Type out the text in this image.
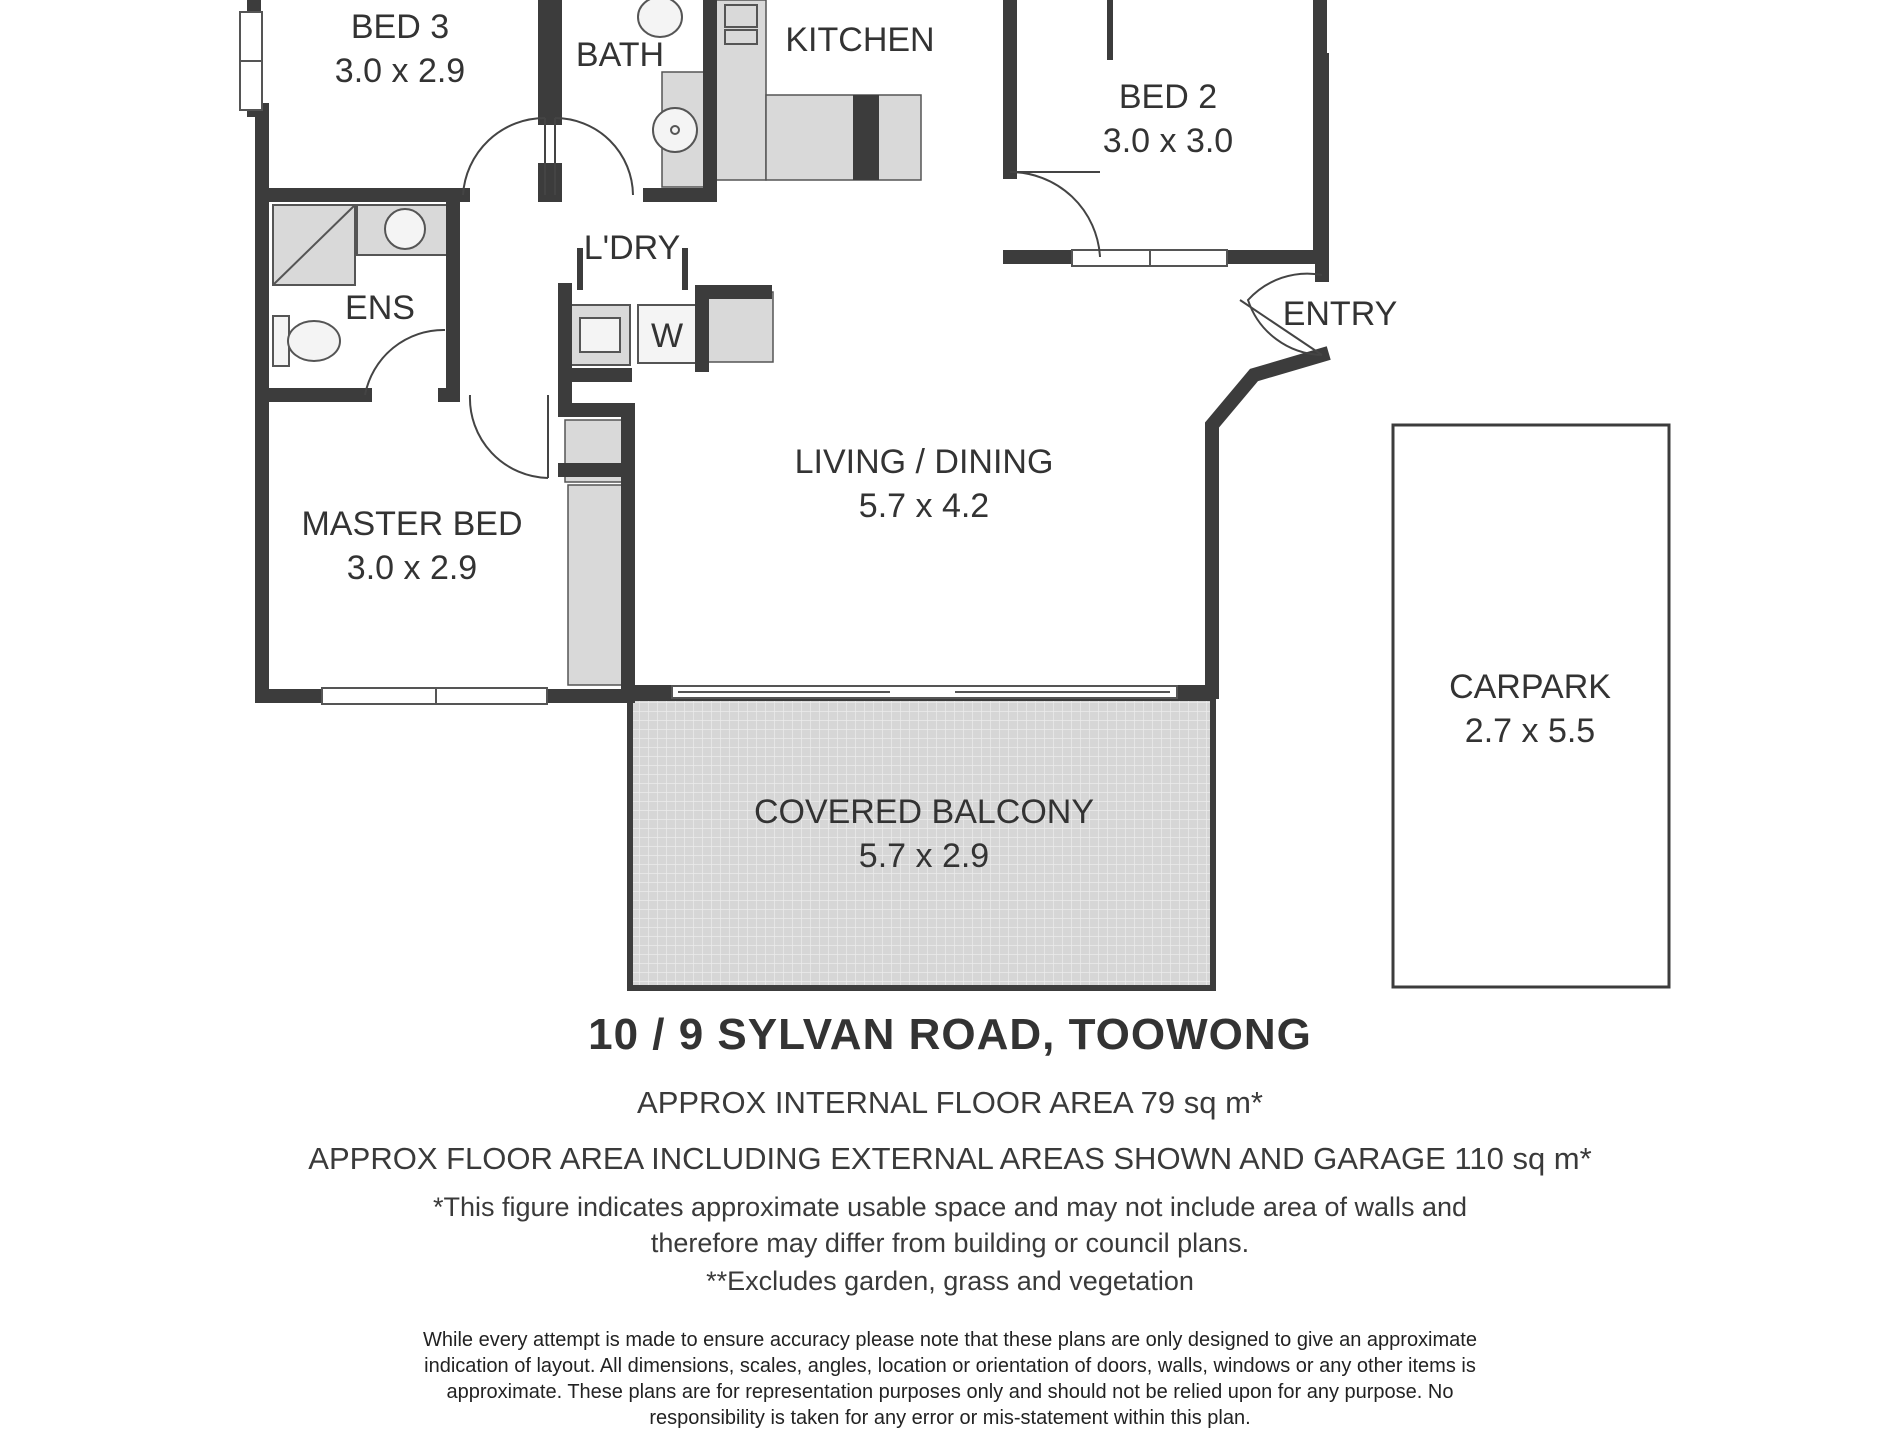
W
BED 3
3.0 x 2.9	BATH	KITCHEN
BED 2
3.0 x 3.0
L'DRY
ENS	ENTRY
LIVING / DINING
5.7 x 4.2
MASTER BED
3.0 x 2.9
CARPARK
2.7 x 5.5
COVERED BALCONY
5.7 x 2.9
10 / 9 SYLVAN ROAD, TOOWONG
APPROX INTERNAL FLOOR AREA 79 sq m*
APPROX FLOOR AREA INCLUDING EXTERNAL AREAS SHOWN AND GARAGE 110 sq m*
*This figure indicates approximate usable space and may not include area of walls and
therefore may differ from building or council plans.
**Excludes garden, grass and vegetation
While every attempt is made to ensure accuracy please note that these plans are only designed to give an approximate
indication of layout. All dimensions, scales, angles, location or orientation of doors, walls, windows or any other items is
approximate. These plans are for representation purposes only and should not be relied upon for any purpose. No
responsibility is taken for any error or mis-statement within this plan.
